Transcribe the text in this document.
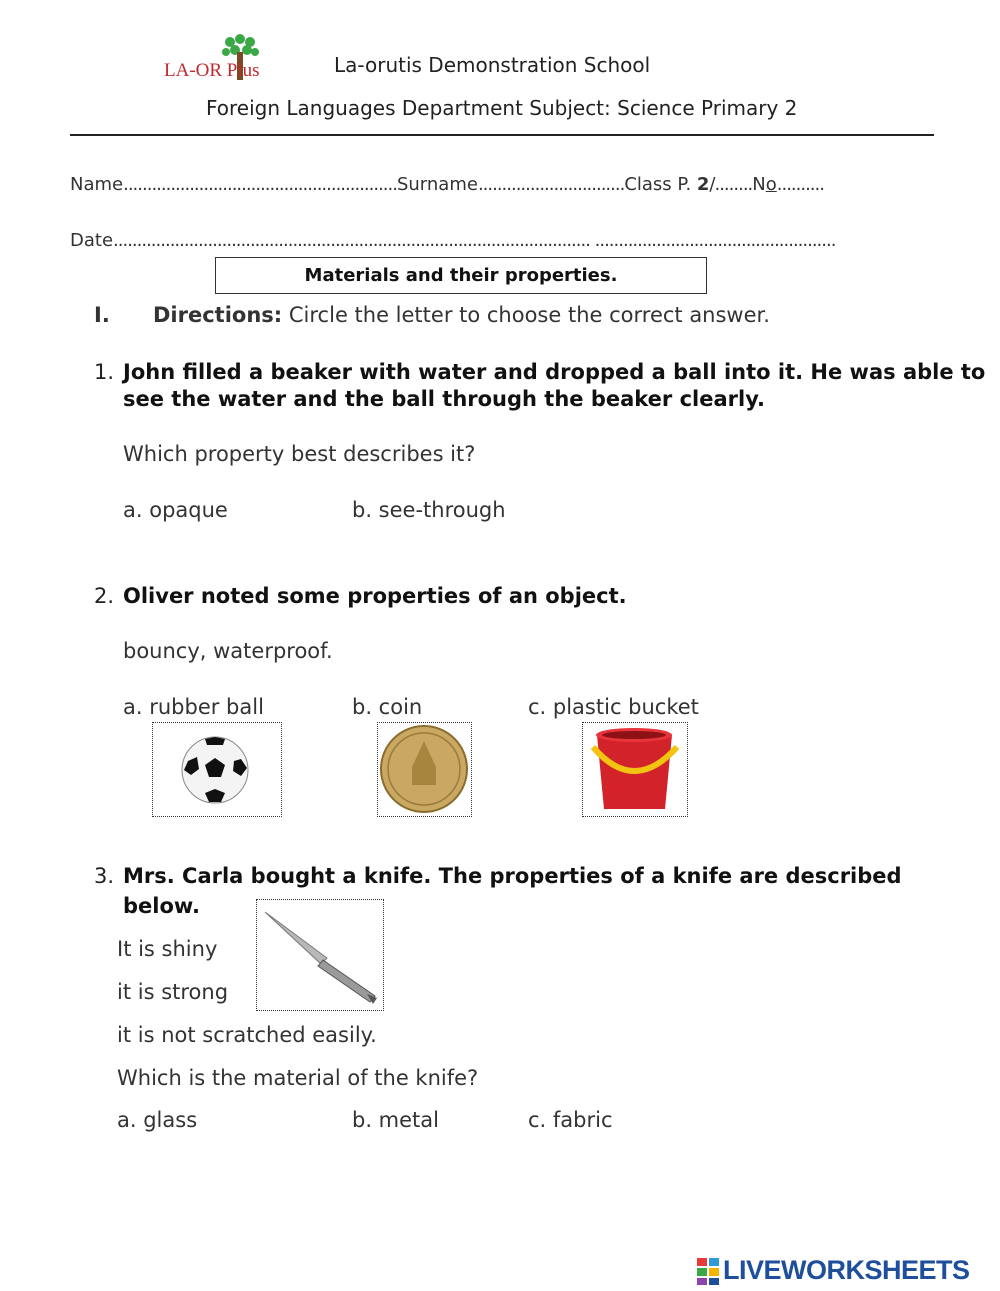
LA-OR Plus	La-orutis Demonstration School
Foreign Languages Department Subject: Science Primary 2
Name..........................................................Surname...............................Class P. 2/........No..........
Date..................................................................................................... ...................................................
Materials and their properties.
I. Directions: Circle the letter to choose the correct answer.
1. John filled a beaker with water and dropped a ball into it. He was able to
see the water and the ball through the beaker clearly.
Which property best describes it?
a. opaque	b. see-through
2. Oliver noted some properties of an object.
bouncy, waterproof.
a. rubber ball	b. coin	c. plastic bucket
3. Mrs. Carla bought a knife. The properties of a knife are described
below.
It is shiny
it is strong
it is not scratched easily.
Which is the material of the knife?
a. glass	b. metal	c. fabric
LIVEWORKSHEETS
